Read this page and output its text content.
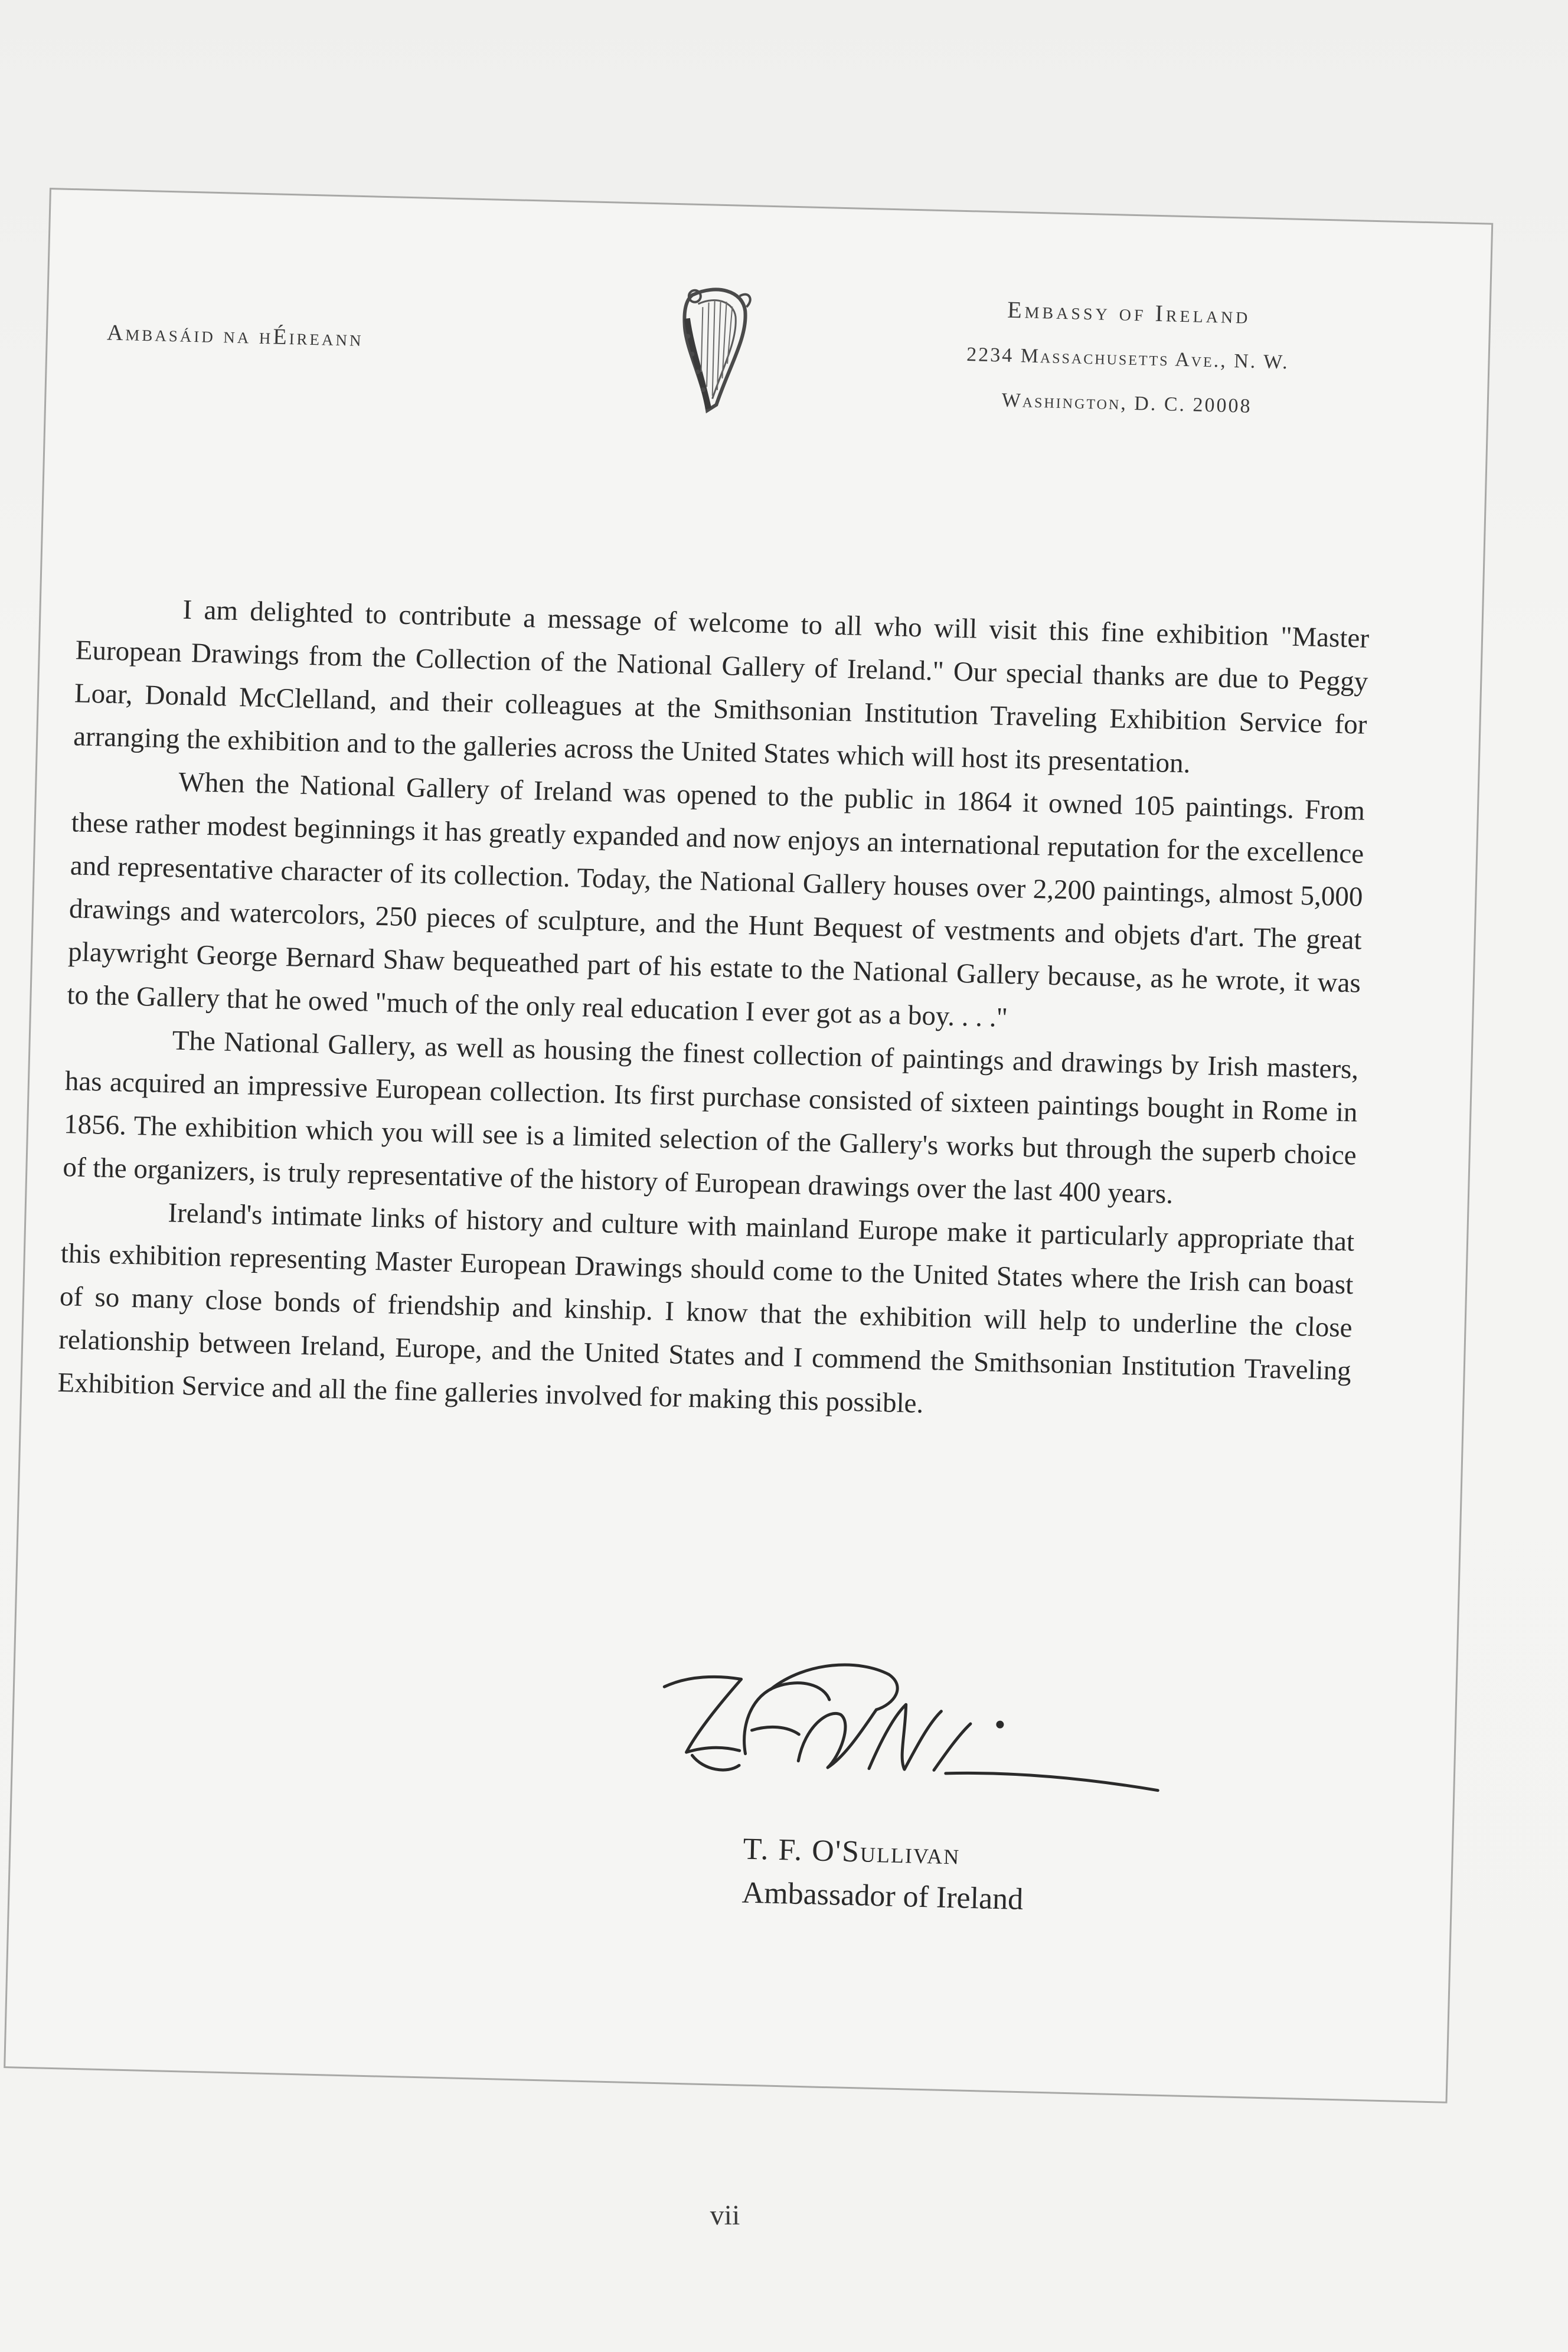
Ambasáid na hÉireann
Embassy of Ireland
2234 Massachusetts Ave., N. W.
Washington, D. C. 20008

I am delighted to contribute a message of welcome to all who will visit this fine exhibition "Master European Drawings from the Collection of the National Gallery of Ireland." Our special thanks are due to Peggy Loar, Donald McClelland, and their colleagues at the Smithsonian Institution Traveling Exhibition Service for arranging the exhibition and to the galleries across the United States which will host its presentation.

When the National Gallery of Ireland was opened to the public in 1864 it owned 105 paintings. From these rather modest beginnings it has greatly expanded and now enjoys an international reputation for the excellence and representative character of its collection. Today, the National Gallery houses over 2,200 paintings, almost 5,000 drawings and watercolors, 250 pieces of sculpture, and the Hunt Bequest of vestments and objets d'art. The great playwright George Bernard Shaw bequeathed part of his estate to the National Gallery because, as he wrote, it was to the Gallery that he owed "much of the only real education I ever got as a boy. . . ."

The National Gallery, as well as housing the finest collection of paintings and drawings by Irish masters, has acquired an impressive European collection. Its first purchase consisted of sixteen paintings bought in Rome in 1856. The exhibition which you will see is a limited selection of the Gallery's works but through the superb choice of the organizers, is truly representative of the history of European drawings over the last 400 years.

Ireland's intimate links of history and culture with mainland Europe make it particularly appropriate that this exhibition representing Master European Drawings should come to the United States where the Irish can boast of so many close bonds of friendship and kinship. I know that the exhibition will help to underline the close relationship between Ireland, Europe, and the United States and I commend the Smithsonian Institution Traveling Exhibition Service and all the fine galleries involved for making this possible.

T. F. O'Sullivan
Ambassador of Ireland
vii
